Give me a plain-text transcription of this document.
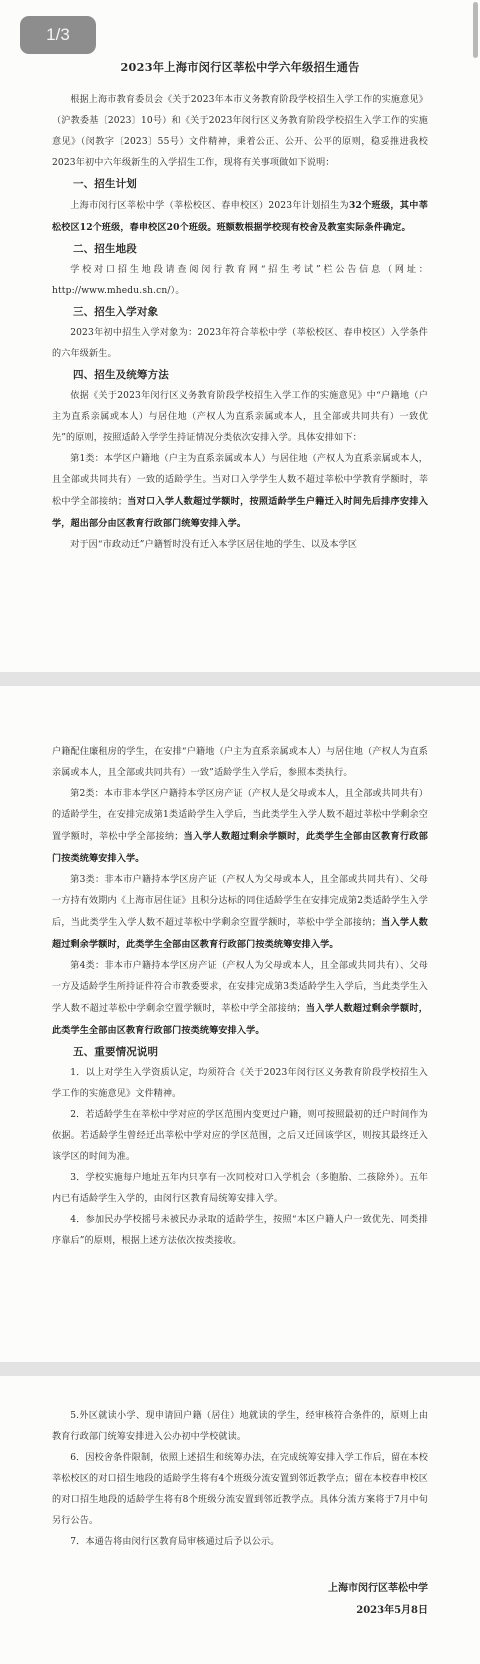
1/3
2023年上海市闵行区莘松中学六年级招生通告

根据上海市教育委员会《关于2023年本市义务教育阶段学校招生入学工作的实施意见》（沪教委基〔2023〕10号）和《关于2023年闵行区义务教育阶段学校招生入学工作的实施意见》（闵教字〔2023〕55号）文件精神，秉着公正、公开、公平的原则，稳妥推进我校2023年初中六年级新生的入学招生工作，现将有关事项做如下说明：

一、招生计划

上海市闵行区莘松中学（莘松校区、春申校区）2023年计划招生为32个班级，其中莘松校区12个班级，春申校区20个班级。班额数根据学校现有校舍及教室实际条件确定。

二、招生地段

学校对口招生地段请查阅闵行教育网“招生考试”栏公告信息（网址：http://www.mhedu.sh.cn/）。

三、招生入学对象

2023年初中招生入学对象为：2023年符合莘松中学（莘松校区、春申校区）入学条件的六年级新生。

四、招生及统筹方法

依据《关于2023年闵行区义务教育阶段学校招生入学工作的实施意见》中“户籍地（户主为直系亲属或本人）与居住地（产权人为直系亲属或本人，且全部或共同共有）一致优先”的原则，按照适龄入学学生持证情况分类依次安排入学。具体安排如下：

第1类：本学区户籍地（户主为直系亲属或本人）与居住地（产权人为直系亲属或本人，且全部或共同共有）一致的适龄学生。当对口入学学生人数不超过莘松中学教育学额时，莘松中学全部接纳；当对口入学人数超过学额时，按照适龄学生户籍迁入时间先后排序安排入学，超出部分由区教育行政部门统筹安排入学。

对于因“市政动迁”户籍暂时没有迁入本学区居住地的学生、以及本学区

户籍配住廉租房的学生，在安排“户籍地（户主为直系亲属或本人）与居住地（产权人为直系亲属或本人，且全部或共同共有）一致”适龄学生入学后，参照本类执行。

第2类：本市非本学区户籍持本学区房产证（产权人是父母或本人，且全部或共同共有）的适龄学生，在安排完成第1类适龄学生入学后，当此类学生入学人数不超过莘松中学剩余空置学额时，莘松中学全部接纳；当入学人数超过剩余学额时，此类学生全部由区教育行政部门按类统筹安排入学。

第3类：非本市户籍持本学区房产证（产权人为父母或本人，且全部或共同共有）、父母一方持有效期内《上海市居住证》且积分达标的同住适龄学生在安排完成第2类适龄学生入学后，当此类学生入学人数不超过莘松中学剩余空置学额时，莘松中学全部接纳；当入学人数超过剩余学额时，此类学生全部由区教育行政部门按类统筹安排入学。

第4类：非本市户籍持本学区房产证（产权人为父母或本人，且全部或共同共有）、父母一方及适龄学生所持证件符合市教委要求，在安排完成第3类适龄学生入学后，当此类学生入学人数不超过莘松中学剩余空置学额时，莘松中学全部接纳；当入学人数超过剩余学额时，此类学生全部由区教育行政部门按类统筹安排入学。

五、重要情况说明

1．以上对学生入学资质认定，均须符合《关于2023年闵行区义务教育阶段学校招生入学工作的实施意见》文件精神。

2．若适龄学生在莘松中学对应的学区范围内变更过户籍，则可按照最初的迁户时间作为依据。若适龄学生曾经迁出莘松中学对应的学区范围，之后又迁回该学区，则按其最终迁入该学区的时间为准。

3．学校实施每户地址五年内只享有一次同校对口入学机会（多胞胎、二孩除外）。五年内已有适龄学生入学的，由闵行区教育局统筹安排入学。

4．参加民办学校摇号未被民办录取的适龄学生，按照“本区户籍人户一致优先、同类排序靠后”的原则，根据上述方法依次按类接收。

5.外区就读小学、现申请回户籍（居住）地就读的学生，经审核符合条件的，原则上由教育行政部门统筹安排进入公办初中学校就读。

6．因校舍条件限制，依照上述招生和统筹办法，在完成统筹安排入学工作后，留在本校莘松校区的对口招生地段的适龄学生将有4个班级分流安置到邻近教学点；留在本校春申校区的对口招生地段的适龄学生将有8个班级分流安置到邻近教学点。具体分流方案将于7月中旬另行公告。

7．本通告将由闵行区教育局审核通过后予以公示。

上海市闵行区莘松中学
2023年5月8日
